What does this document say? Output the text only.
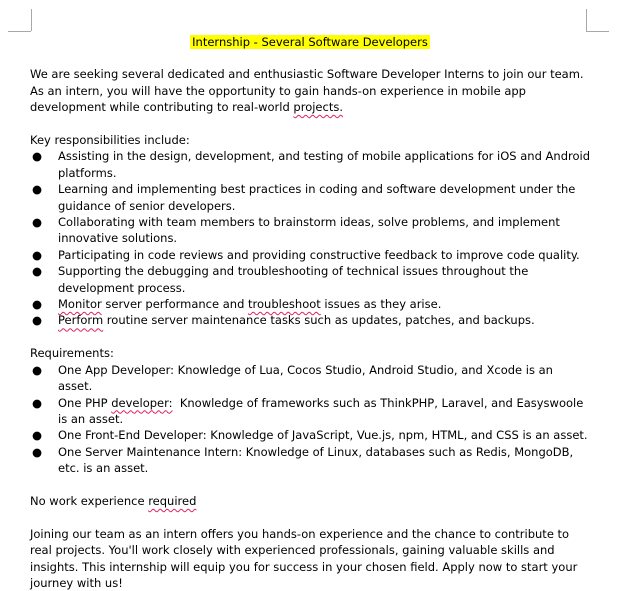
Internship - Several Software Developers

We are seeking several dedicated and enthusiastic Software Developer Interns to join our team. As an intern, you will have the opportunity to gain hands-on experience in mobile app development while contributing to real-world projects.

Key responsibilities include:

● Assisting in the design, development, and testing of mobile applications for iOS and Android platforms.
● Learning and implementing best practices in coding and software development under the guidance of senior developers.
● Collaborating with team members to brainstorm ideas, solve problems, and implement innovative solutions.
● Participating in code reviews and providing constructive feedback to improve code quality.
● Supporting the debugging and troubleshooting of technical issues throughout the development process.
● Monitor server performance and troubleshoot issues as they arise.
● Perform routine server maintenance tasks such as updates, patches, and backups.

Requirements:

● One App Developer: Knowledge of Lua, Cocos Studio, Android Studio, and Xcode is an asset.
● One PHP developer:  Knowledge of frameworks such as ThinkPHP, Laravel, and Easyswoole is an asset.
● One Front-End Developer: Knowledge of JavaScript, Vue.js, npm, HTML, and CSS is an asset.
● One Server Maintenance Intern: Knowledge of Linux, databases such as Redis, MongoDB, etc. is an asset.

No work experience required

Joining our team as an intern offers you hands-on experience and the chance to contribute to real projects. You'll work closely with experienced professionals, gaining valuable skills and insights. This internship will equip you for success in your chosen field. Apply now to start your journey with us!
